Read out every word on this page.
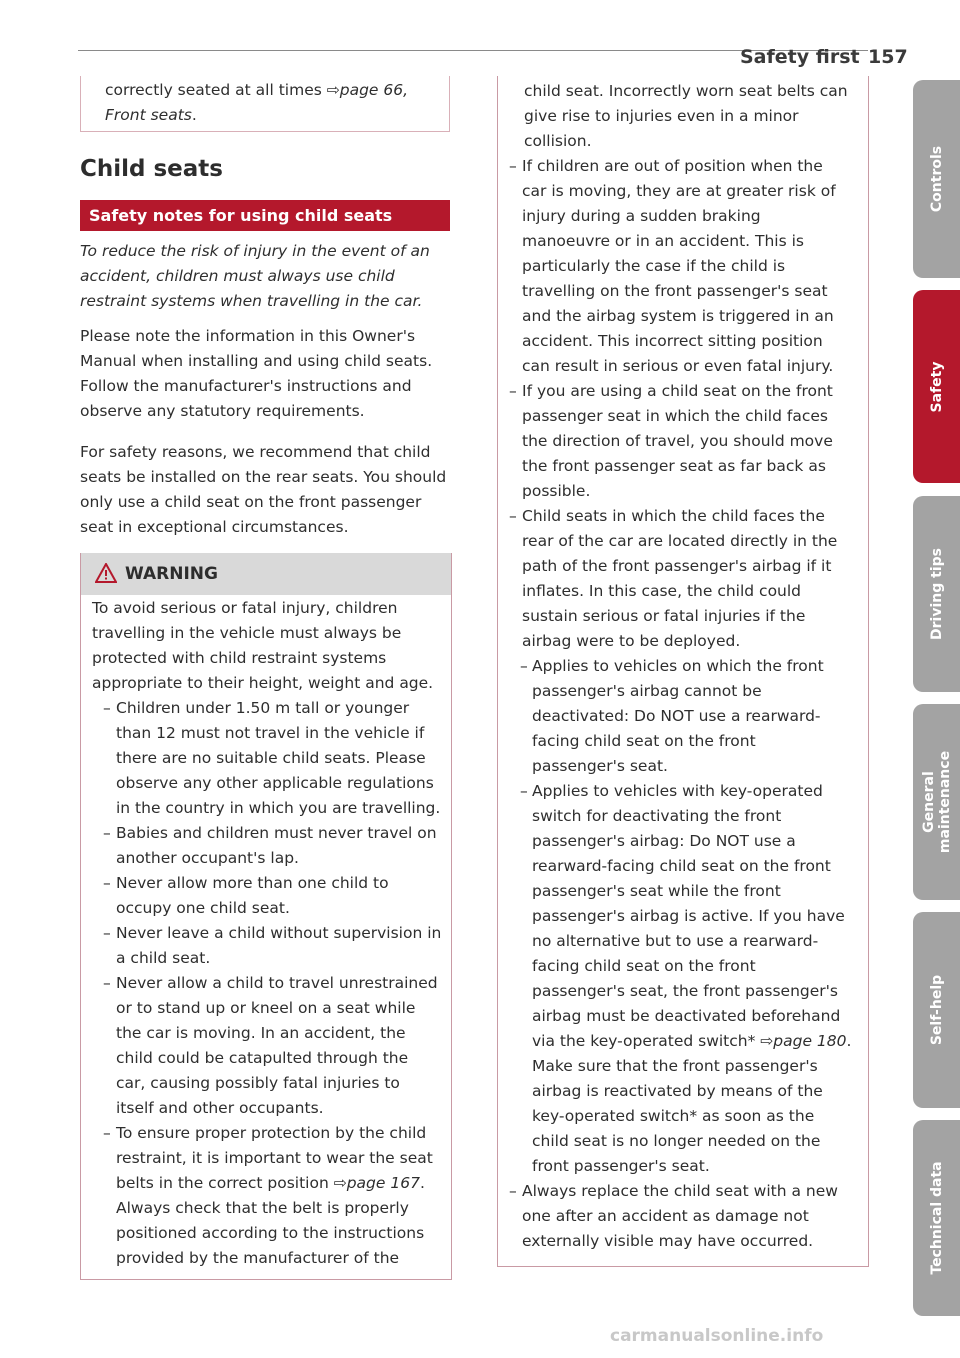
Safety first 157

correctly seated at all times ⇨page 66, Front seats.

Child seats
Safety notes for using child seats

To reduce the risk of injury in the event of an accident, children must always use child restraint systems when travelling in the car.

Please note the information in this Owner's Manual when installing and using child seats. Follow the manufacturer's instructions and observe any statutory requirements.

For safety reasons, we recommend that child seats be installed on the rear seats. You should only use a child seat on the front passenger seat in exceptional circumstances.

WARNING

To avoid serious or fatal injury, children travelling in the vehicle must always be protected with child restraint systems appropriate to their height, weight and age.

– Children under 1.50 m tall or younger than 12 must not travel in the vehicle if there are no suitable child seats. Please observe any other applicable regulations in the country in which you are travelling.

– Babies and children must never travel on another occupant's lap.

– Never allow more than one child to occupy one child seat.

– Never leave a child without supervision in a child seat.

– Never allow a child to travel unrestrained or to stand up or kneel on a seat while the car is moving. In an accident, the child could be catapulted through the car, causing possibly fatal injuries to itself and other occupants.

– To ensure proper protection by the child restraint, it is important to wear the seat belts in the correct position ⇨page 167. Always check that the belt is properly positioned according to the instructions provided by the manufacturer of the

child seat. Incorrectly worn seat belts can give rise to injuries even in a minor collision.

– If children are out of position when the car is moving, they are at greater risk of injury during a sudden braking manoeuvre or in an accident. This is particularly the case if the child is travelling on the front passenger's seat and the airbag system is triggered in an accident. This incorrect sitting position can result in serious or even fatal injury.

– If you are using a child seat on the front passenger seat in which the child faces the direction of travel, you should move the front passenger seat as far back as possible.

– Child seats in which the child faces the rear of the car are located directly in the path of the front passenger's airbag if it inflates. In this case, the child could sustain serious or fatal injuries if the airbag were to be deployed.

– Applies to vehicles on which the front passenger's airbag cannot be deactivated: Do NOT use a rearward-facing child seat on the front passenger's seat.

– Applies to vehicles with key-operated switch for deactivating the front passenger's airbag: Do NOT use a rearward-facing child seat on the front passenger's seat while the front passenger's airbag is active. If you have no alternative but to use a rearward-facing child seat on the front passenger's seat, the front passenger's airbag must be deactivated beforehand via the key-operated switch* ⇨page 180. Make sure that the front passenger's airbag is reactivated by means of the key-operated switch* as soon as the child seat is no longer needed on the front passenger's seat.

– Always replace the child seat with a new one after an accident as damage not externally visible may have occurred.

Controls
Safety
Driving tips
General maintenance
Self-help
Technical data
carmanualsonline.info
